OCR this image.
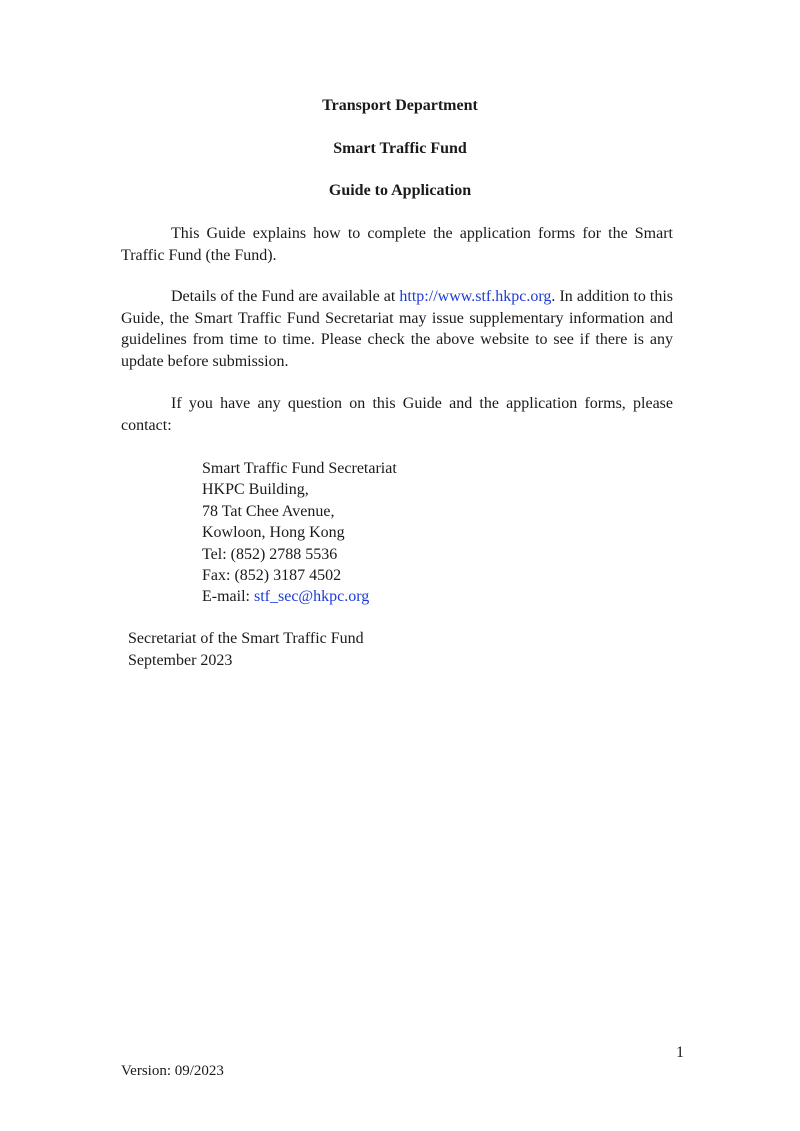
Transport Department
Smart Traffic Fund
Guide to Application

This Guide explains how to complete the application forms for the Smart Traffic Fund (the Fund).

Details of the Fund are available at http://www.stf.hkpc.org. In addition to this Guide, the Smart Traffic Fund Secretariat may issue supplementary information and guidelines from time to time. Please check the above website to see if there is any update before submission.

If you have any question on this Guide and the application forms, please contact:

Smart Traffic Fund Secretariat
HKPC Building,
78 Tat Chee Avenue,
Kowloon, Hong Kong
Tel: (852) 2788 5536
Fax: (852) 3187 4502
E-mail: stf_sec@hkpc.org
Secretariat of the Smart Traffic Fund
September 2023
1
Version: 09/2023
